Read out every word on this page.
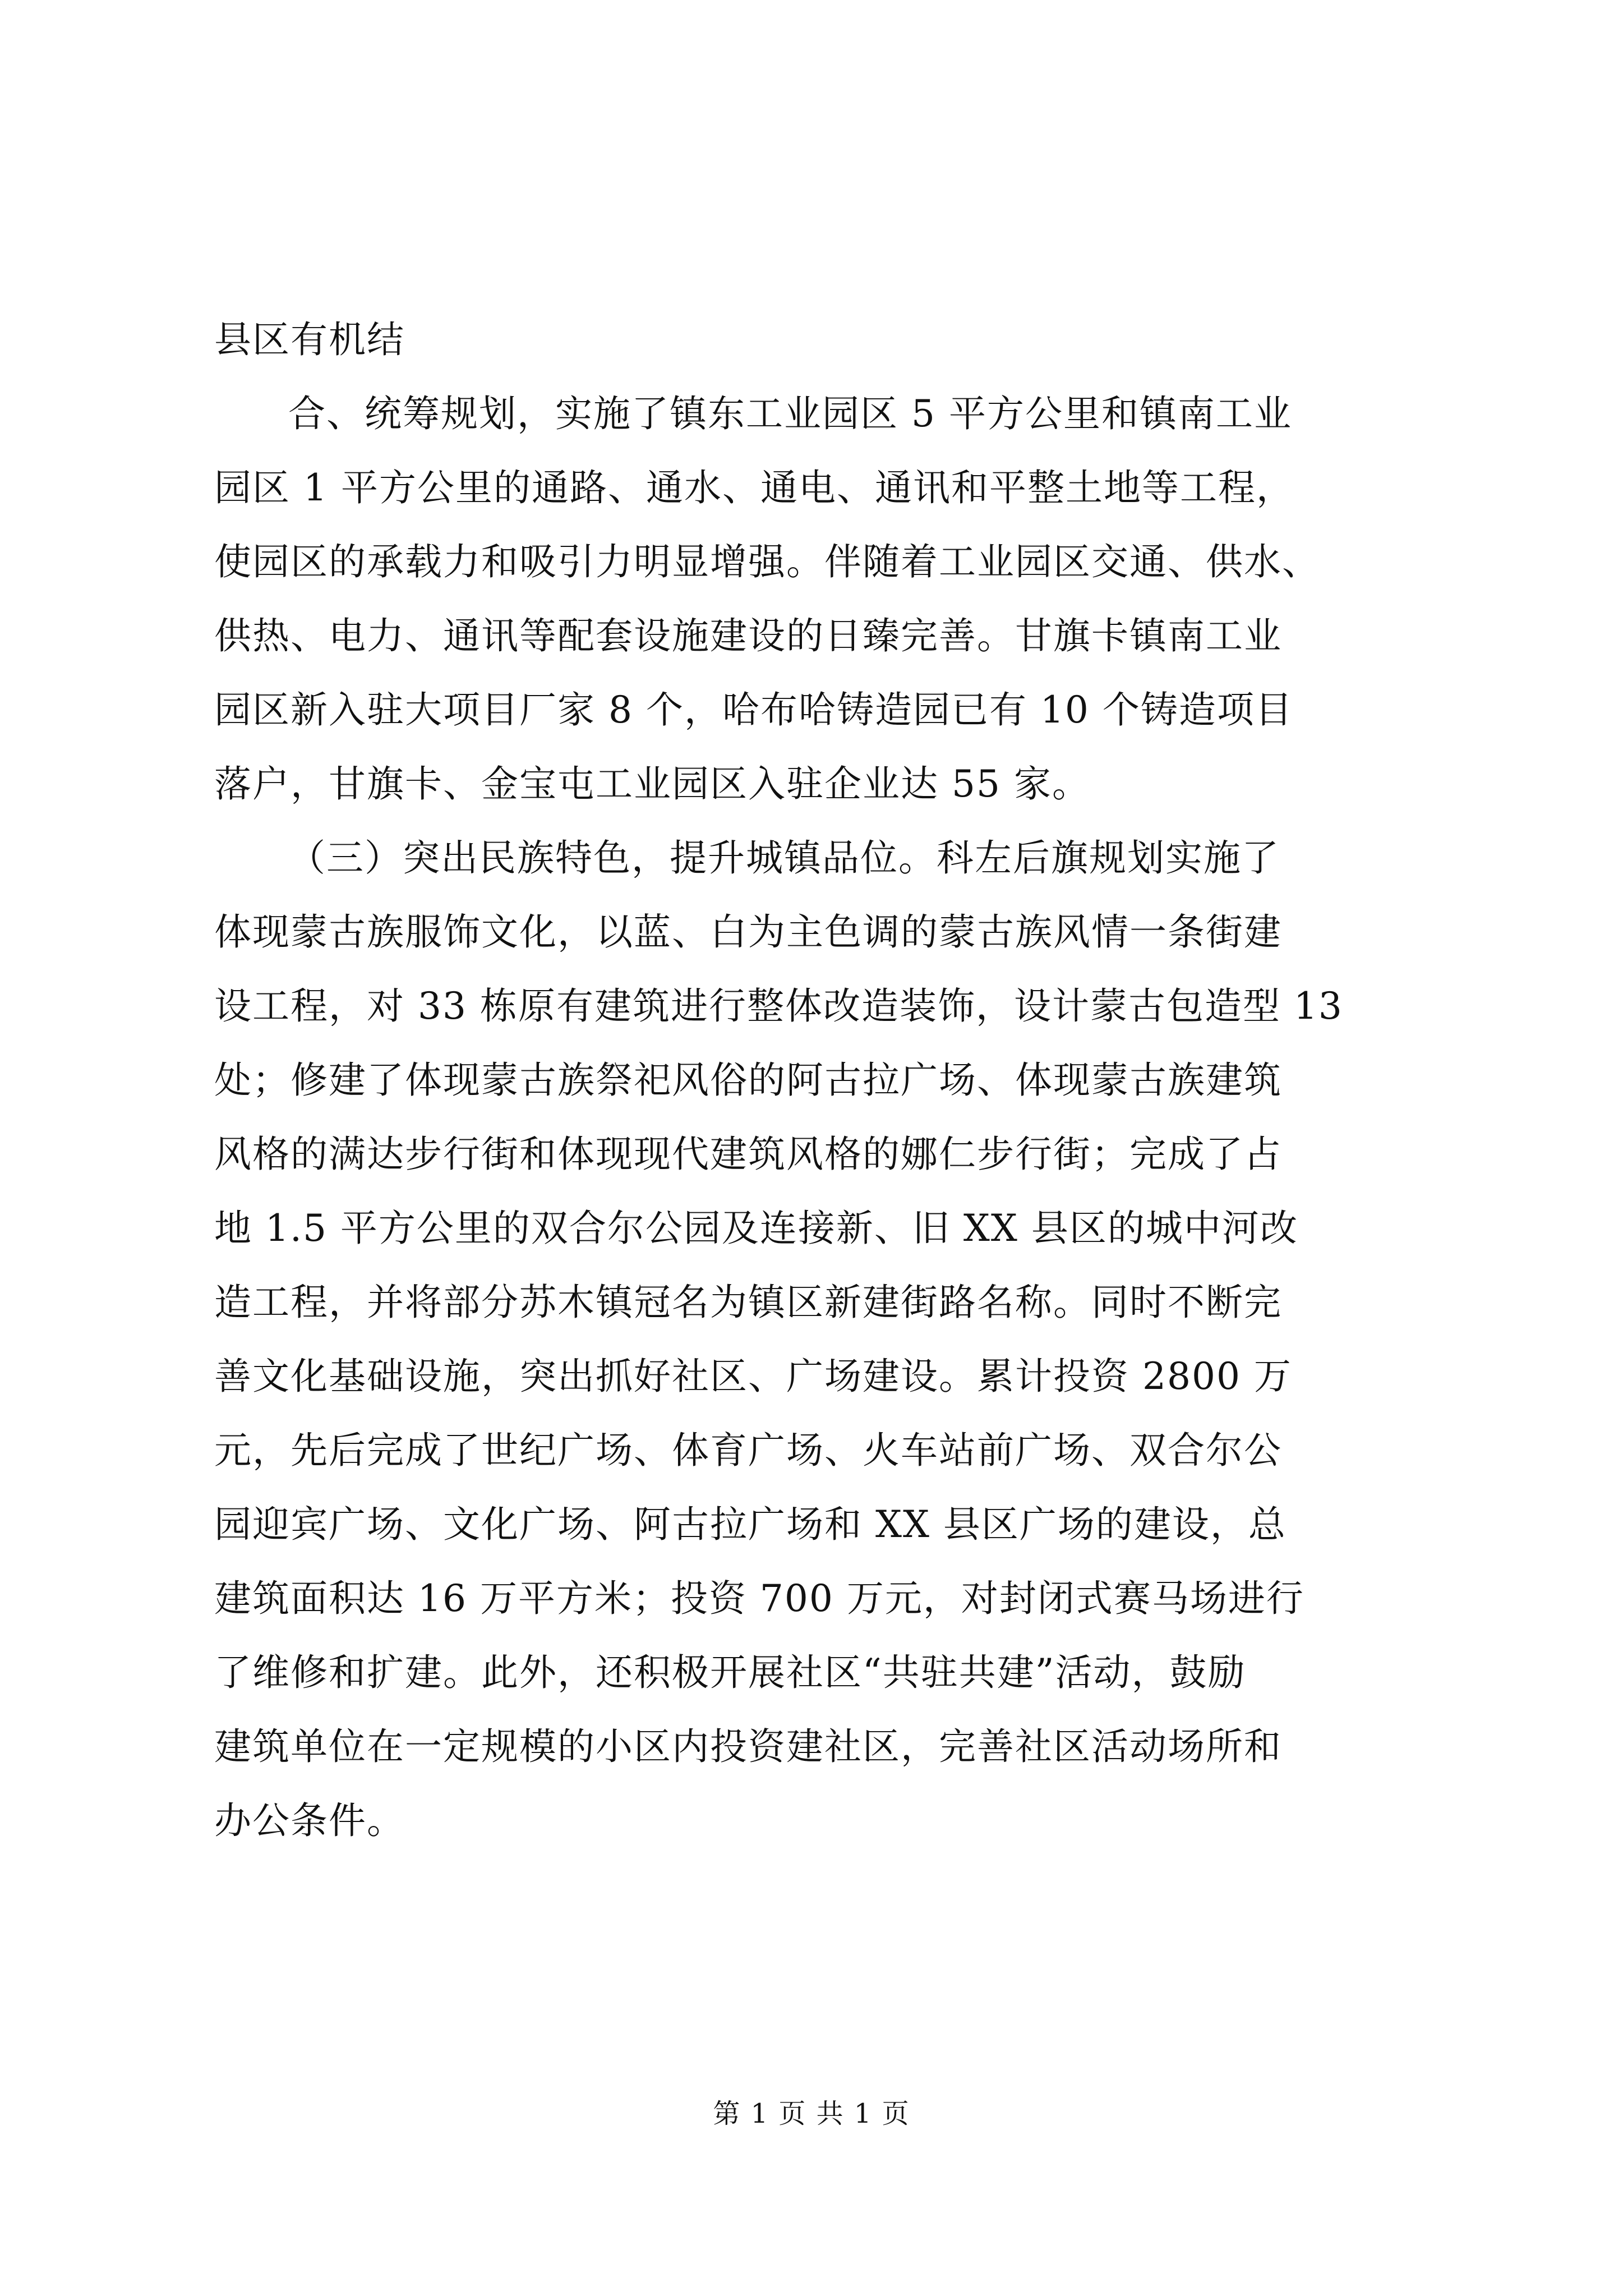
县区有机结
合、统筹规划，实施了镇东工业园区 5 平方公里和镇南工业
园区 1 平方公里的通路、通水、通电、通讯和平整土地等工程，
使园区的承载力和吸引力明显增强。伴随着工业园区交通、供水、
供热、电力、通讯等配套设施建设的日臻完善。甘旗卡镇南工业
园区新入驻大项目厂家 8 个，哈布哈铸造园已有 10 个铸造项目
落户，甘旗卡、金宝屯工业园区入驻企业达 55 家。
（三）突出民族特色，提升城镇品位。科左后旗规划实施了
体现蒙古族服饰文化，以蓝、白为主色调的蒙古族风情一条街建
设工程，对 33 栋原有建筑进行整体改造装饰，设计蒙古包造型 13
处；修建了体现蒙古族祭祀风俗的阿古拉广场、体现蒙古族建筑
风格的满达步行街和体现现代建筑风格的娜仁步行街；完成了占
地 1.5 平方公里的双合尔公园及连接新、旧 XX 县区的城中河改
造工程，并将部分苏木镇冠名为镇区新建街路名称。同时不断完
善文化基础设施，突出抓好社区、广场建设。累计投资 2800 万
元，先后完成了世纪广场、体育广场、火车站前广场、双合尔公
园迎宾广场、文化广场、阿古拉广场和 XX 县区广场的建设，总
建筑面积达 16 万平方米；投资 700 万元，对封闭式赛马场进行
了维修和扩建。此外，还积极开展社区“共驻共建”活动，鼓励
建筑单位在一定规模的小区内投资建社区，完善社区活动场所和
办公条件。
第 1 页 共 1 页
